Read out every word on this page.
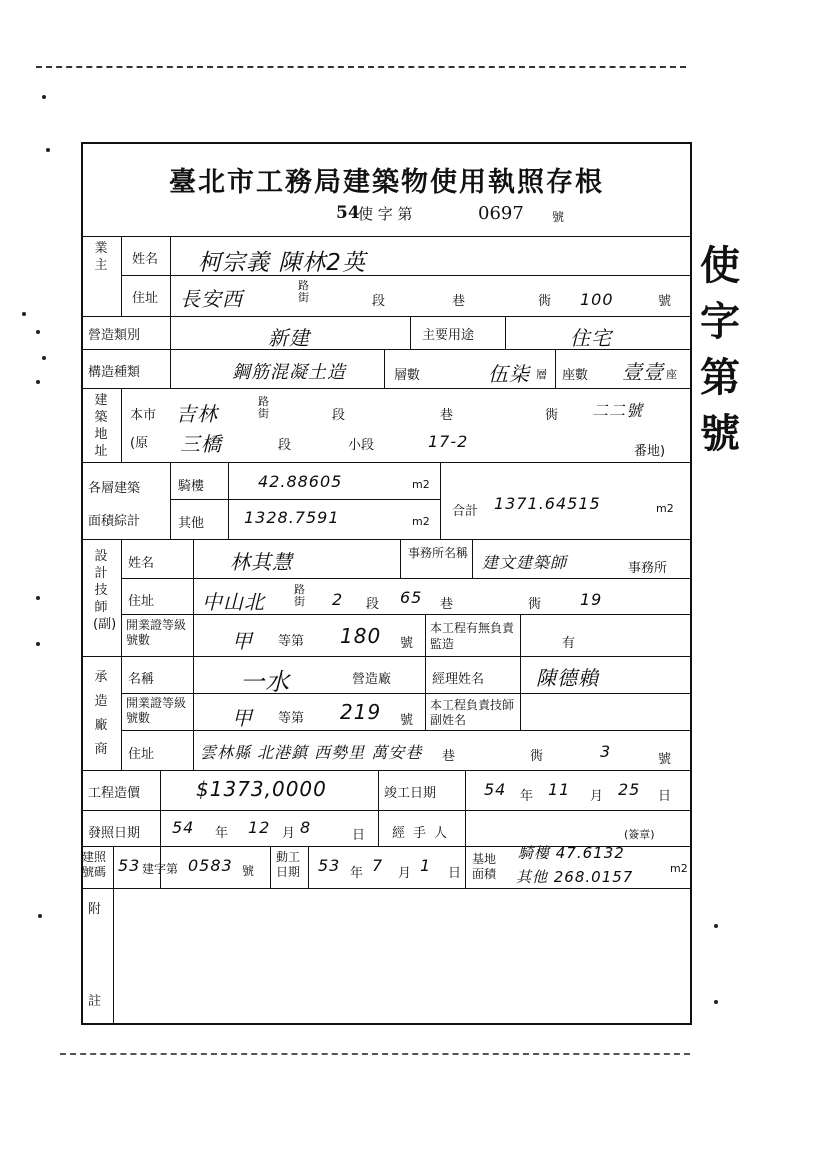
臺北市工務局建築物使用執照存根
54
使 字 第	0697 號
業主 姓名 柯宗義 陳林2英
住址 長安西
路 街	段	巷	衖 100	號
營造類別	新建	主要用途	住宅
構造種類	鋼筋混凝土造	層數	伍柒 層 座數 壹壹 座
建築地址
本市 吉林
路 街	段	巷	衖 二二號
(原 三橋	段	小段	17-2
番地)
各層建築
面積綜計
騎樓	42.88605	m2
其他 1328.7591	m2
合計 1371.64515	m2
設計技師(副)
姓名	林其慧	事務所名稱 建文建築師	事務所
住址 中山北
路 街 2 段 65 巷	衖 19
開業證等級號數	甲 等第 180 號
本工程有無負責監造	有
承造廠商
名稱	一水	營造廠	經理姓名	陳德賴
開業證等級號數	甲 等第 219 號
本工程負責技師副姓名
住址	雲林縣 北港鎮 西勢里 萬安巷 巷	衖	3	號
工程造價	$1373,0000	竣工日期	54 年 11 月 25 日
發照日期 54 年 12 月 8	日 經手人	(簽章)
建照號碼 53 建字第 0583 號
動工日期	53 年 7 月 1 日
基地面積
騎樓 47.6132
其他 268.0157	m2
附
註
使字第號
